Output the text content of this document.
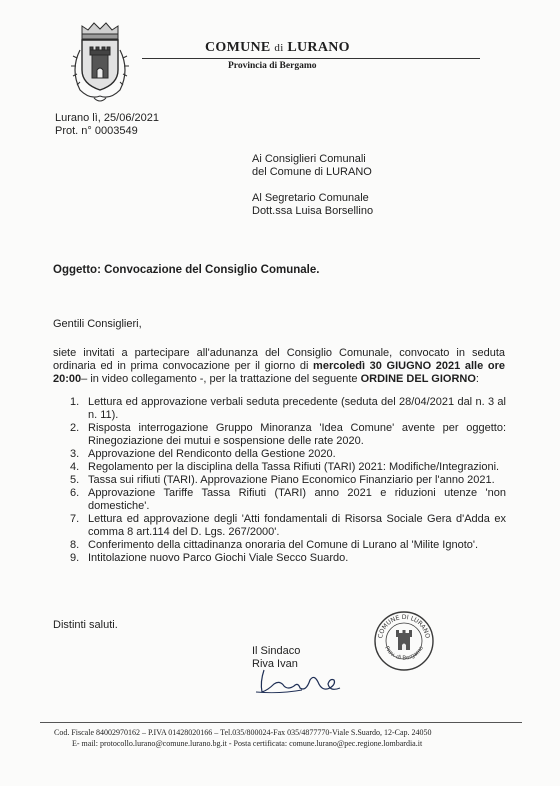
COMUNE di LURANO
Provincia di Bergamo
Lurano lì, 25/06/2021
Prot. n° 0003549
Ai Consiglieri Comunali
del Comune di LURANO
Al Segretario Comunale
Dott.ssa Luisa Borsellino
Oggetto: Convocazione del Consiglio Comunale.
Gentili Consiglieri,
siete invitati a partecipare all'adunanza del Consiglio Comunale, convocato in seduta ordinaria ed in prima convocazione per il giorno di mercoledì 30 GIUGNO 2021 alle ore 20:00– in video collegamento -, per la trattazione del seguente ORDINE DEL GIORNO:
1. Lettura ed approvazione verbali seduta precedente (seduta del 28/04/2021 dal n. 3 al n. 11).
2. Risposta interrogazione Gruppo Minoranza 'Idea Comune' avente per oggetto: Rinegoziazione dei mutui e sospensione delle rate 2020.
3. Approvazione del Rendiconto della Gestione 2020.
4. Regolamento per la disciplina della Tassa Rifiuti (TARI) 2021: Modifiche/Integrazioni.
5. Tassa sui rifiuti (TARI). Approvazione Piano Economico Finanziario per l'anno 2021.
6. Approvazione Tariffe Tassa Rifiuti (TARI) anno 2021 e riduzioni utenze 'non domestiche'.
7. Lettura ed approvazione degli 'Atti fondamentali di Risorsa Sociale Gera d'Adda ex comma 8 art.114 del D. Lgs. 267/2000'.
8. Conferimento della cittadinanza onoraria del Comune di Lurano al 'Milite Ignoto'.
9. Intitolazione nuovo Parco Giochi Viale Secco Suardo.
Distinti saluti.
Il Sindaco
Riva Ivan
COMUNE DI LURANO
Prov. di Bergamo
Cod. Fiscale 84002970162 – P.IVA 01428020166 – Tel.035/800024-Fax 035/4877770-Viale S.Suardo, 12-Cap. 24050
E- mail: protocollo.lurano@comune.lurano.bg.it - Posta certificata: comune.lurano@pec.regione.lombardia.it
